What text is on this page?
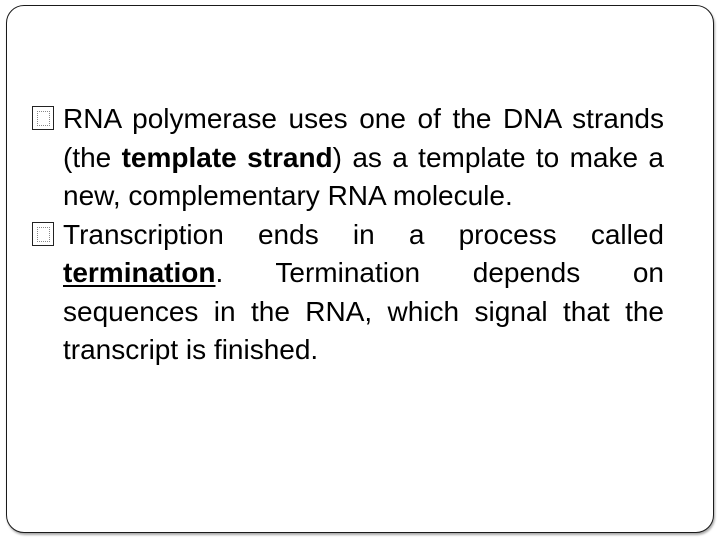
RNA polymerase uses one of the DNA strands (the template strand) as a template to make a new, complementary RNA molecule.

Transcription ends in a process called termination. Termination depends on sequences in the RNA, which signal that the transcript is finished.
